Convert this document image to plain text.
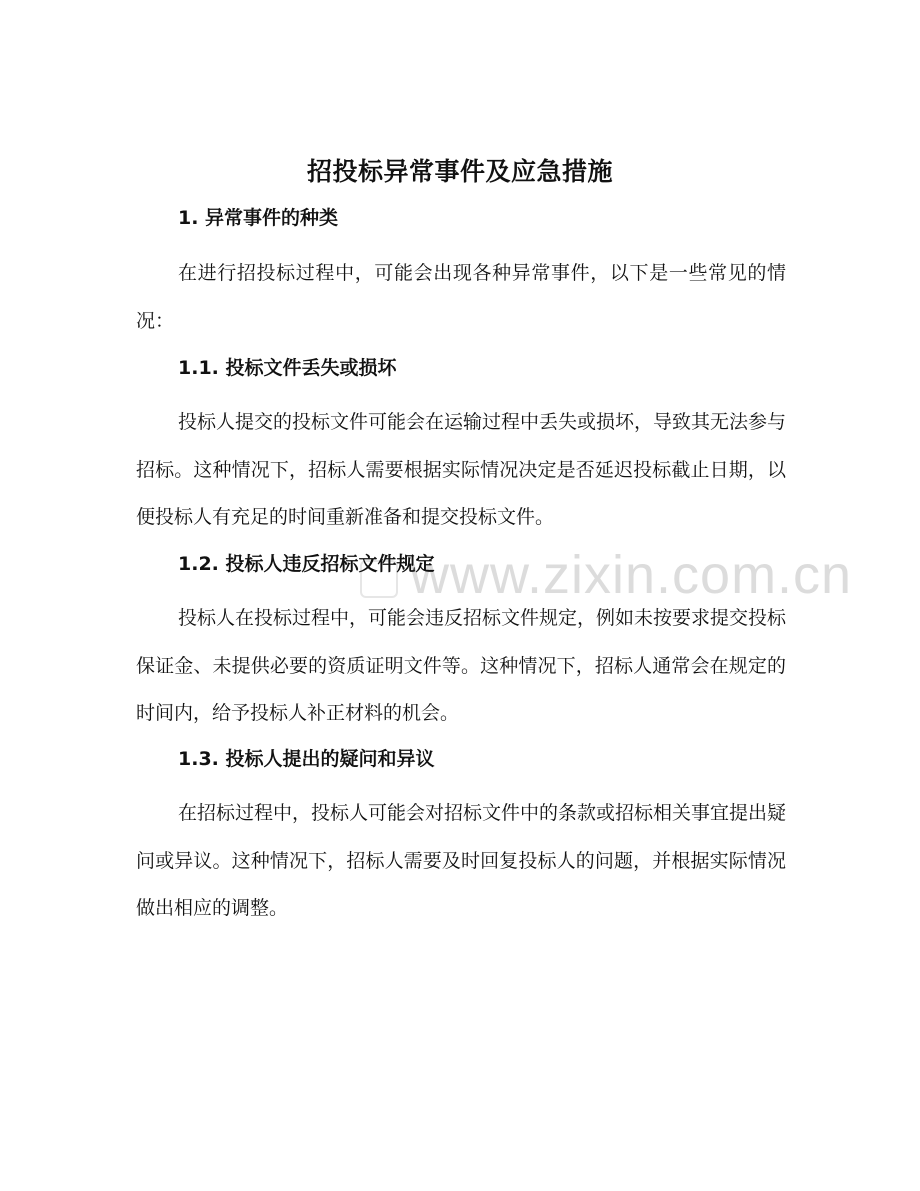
招投标异常事件及应急措施
1. 异常事件的种类
在进行招投标过程中，可能会出现各种异常事件，以下是一些常见的情况：
1.1. 投标文件丢失或损坏
投标人提交的投标文件可能会在运输过程中丢失或损坏，导致其无法参与招标。这种情况下，招标人需要根据实际情况决定是否延迟投标截止日期，以便投标人有充足的时间重新准备和提交投标文件。
www.zixin.com.cn
1.2. 投标人违反招标文件规定
投标人在投标过程中，可能会违反招标文件规定，例如未按要求提交投标保证金、未提供必要的资质证明文件等。这种情况下，招标人通常会在规定的时间内，给予投标人补正材料的机会。
1.3. 投标人提出的疑问和异议
在招标过程中，投标人可能会对招标文件中的条款或招标相关事宜提出疑问或异议。这种情况下，招标人需要及时回复投标人的问题，并根据实际情况做出相应的调整。
